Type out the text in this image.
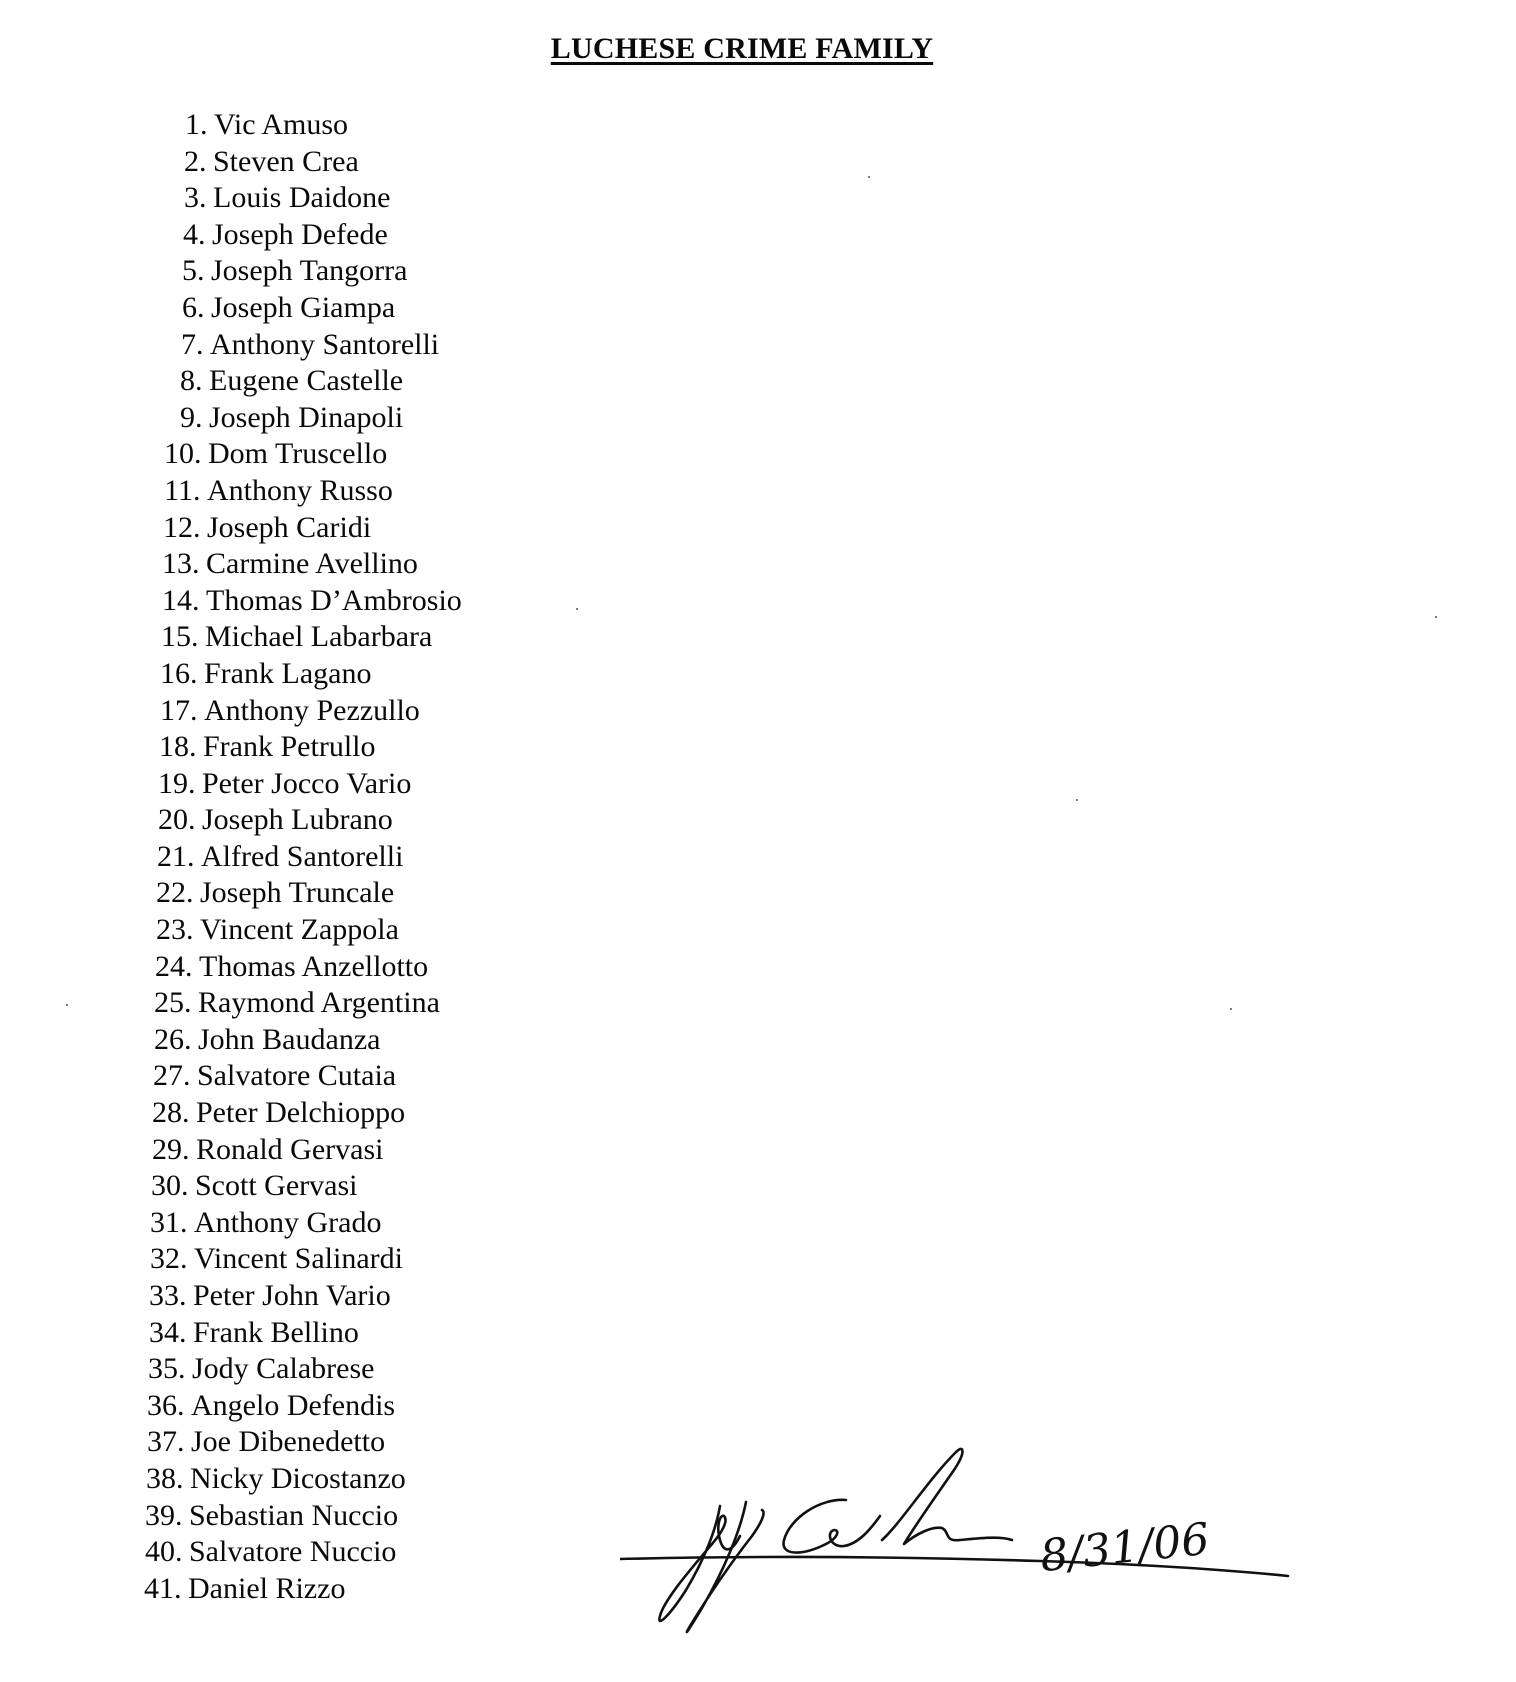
LUCHESE CRIME FAMILY
1 . Vic Amuso
2 . Steven Crea
3 . Louis Daidone
4 . Joseph Defede
5 . Joseph Tangorra
6 . Joseph Giampa
7 . Anthony Santorelli
8 . Eugene Castelle
9 . Joseph Dinapoli
10 . Dom Truscello
11 . Anthony Russo
12 . Joseph Caridi
13 . Carmine Avellino
14 . Thomas D’Ambrosio
15 . Michael Labarbara
16 . Frank Lagano
17 . Anthony Pezzullo
18 . Frank Petrullo
19 . Peter Jocco Vario
20 . Joseph Lubrano
21 . Alfred Santorelli
22 . Joseph Truncale
23 . Vincent Zappola
24 . Thomas Anzellotto
25 . Raymond Argentina
26 . John Baudanza
27 . Salvatore Cutaia
28 . Peter Delchioppo
29 . Ronald Gervasi
30 . Scott Gervasi
31 . Anthony Grado
32 . Vincent Salinardi
33 . Peter John Vario
34 . Frank Bellino
35 . Jody Calabrese
36 . Angelo Defendis
37 . Joe Dibenedetto
38 . Nicky Dicostanzo
39 . Sebastian Nuccio
40 . Salvatore Nuccio
41 . Daniel Rizzo
8/31/06
